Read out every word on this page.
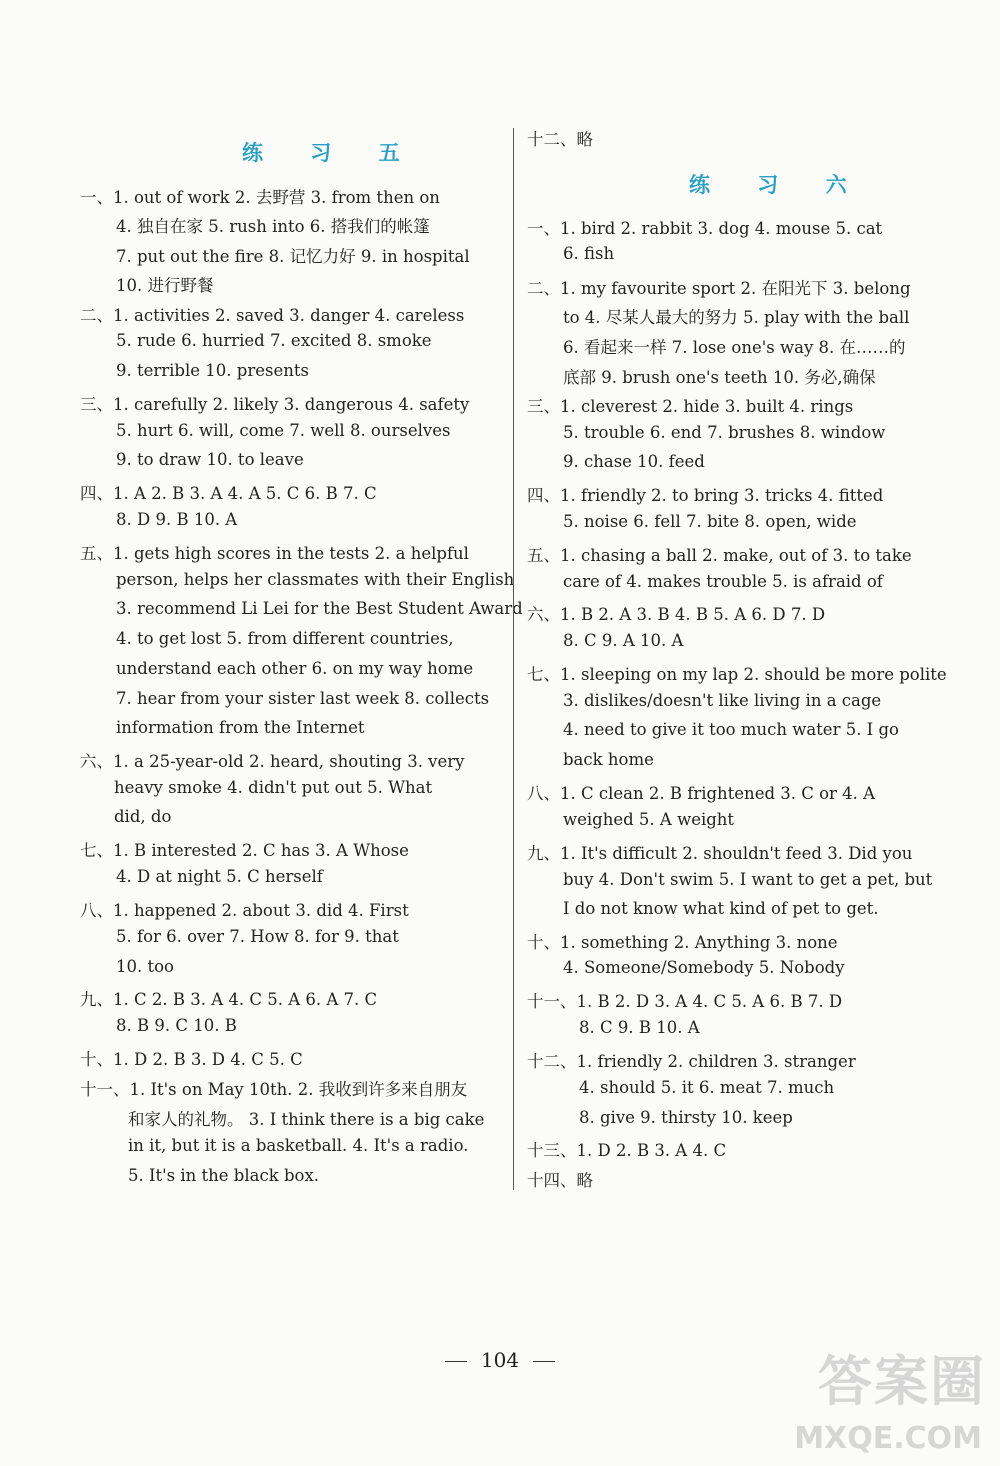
练 习 五
一、1. out of work 2. 去野营 3. from then on
4. 独自在家 5. rush into 6. 搭我们的帐篷
7. put out the fire 8. 记忆力好 9. in hospital
10. 进行野餐
二、1. activities 2. saved 3. danger 4. careless
5. rude 6. hurried 7. excited 8. smoke
9. terrible 10. presents
三、1. carefully 2. likely 3. dangerous 4. safety
5. hurt 6. will, come 7. well 8. ourselves
9. to draw 10. to leave
四、1. A 2. B 3. A 4. A 5. C 6. B 7. C
8. D 9. B 10. A
五、1. gets high scores in the tests 2. a helpful
person, helps her classmates with their English
3. recommend Li Lei for the Best Student Award
4. to get lost 5. from different countries,
understand each other 6. on my way home
7. hear from your sister last week 8. collects
information from the Internet
六、1. a 25-year-old 2. heard, shouting 3. very
heavy smoke 4. didn't put out 5. What
did, do
七、1. B interested 2. C has 3. A Whose
4. D at night 5. C herself
八、1. happened 2. about 3. did 4. First
5. for 6. over 7. How 8. for 9. that
10. too
九、1. C 2. B 3. A 4. C 5. A 6. A 7. C
8. B 9. C 10. B
十、1. D 2. B 3. D 4. C 5. C
十一、1. It's on May 10th. 2. 我收到许多来自朋友
和家人的礼物。 3. I think there is a big cake
in it, but it is a basketball. 4. It's a radio.
5. It's in the black box.
十二、略
练 习 六
一、1. bird 2. rabbit 3. dog 4. mouse 5. cat
6. fish
二、1. my favourite sport 2. 在阳光下 3. belong
to 4. 尽某人最大的努力 5. play with the ball
6. 看起来一样 7. lose one's way 8. 在……的
底部 9. brush one's teeth 10. 务必,确保
三、1. cleverest 2. hide 3. built 4. rings
5. trouble 6. end 7. brushes 8. window
9. chase 10. feed
四、1. friendly 2. to bring 3. tricks 4. fitted
5. noise 6. fell 7. bite 8. open, wide
五、1. chasing a ball 2. make, out of 3. to take
care of 4. makes trouble 5. is afraid of
六、1. B 2. A 3. B 4. B 5. A 6. D 7. D
8. C 9. A 10. A
七、1. sleeping on my lap 2. should be more polite
3. dislikes/doesn't like living in a cage
4. need to give it too much water 5. I go
back home
八、1. C clean 2. B frightened 3. C or 4. A
weighed 5. A weight
九、1. It's difficult 2. shouldn't feed 3. Did you
buy 4. Don't swim 5. I want to get a pet, but
I do not know what kind of pet to get.
十、1. something 2. Anything 3. none
4. Someone/Somebody 5. Nobody
十一、1. B 2. D 3. A 4. C 5. A 6. B 7. D
8. C 9. B 10. A
十二、1. friendly 2. children 3. stranger
4. should 5. it 6. meat 7. much
8. give 9. thirsty 10. keep
十三、1. D 2. B 3. A 4. C
十四、略
104	答案圈
MXQE.COM
